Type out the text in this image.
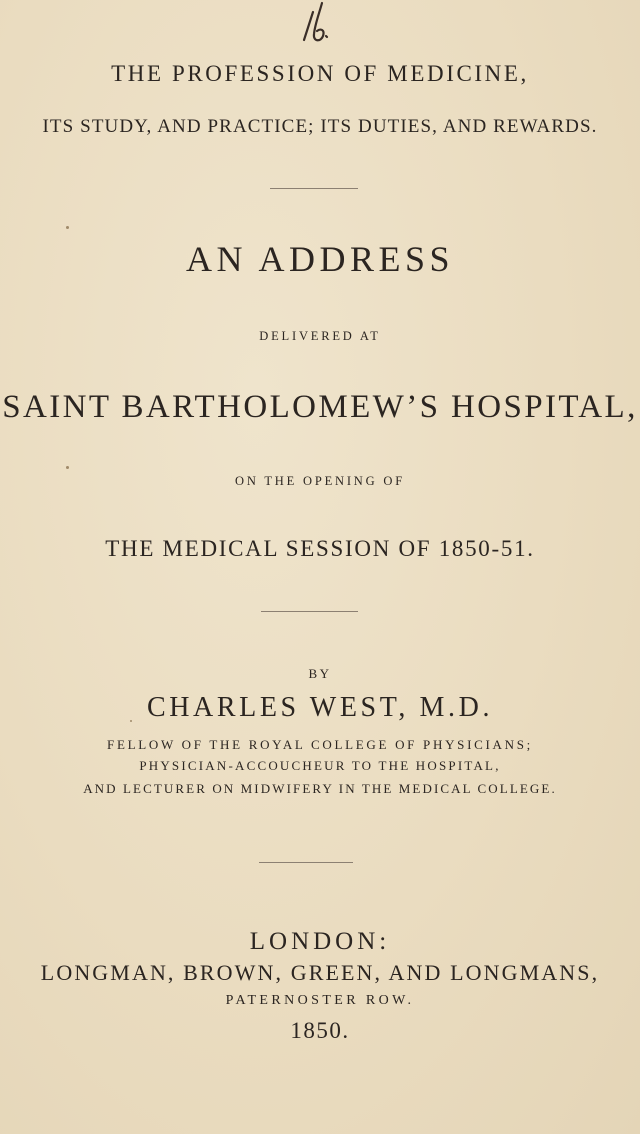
THE PROFESSION OF MEDICINE,
ITS STUDY, AND PRACTICE; ITS DUTIES, AND REWARDS.
AN ADDRESS
DELIVERED AT
SAINT BARTHOLOMEW’S HOSPITAL,
ON THE OPENING OF
THE MEDICAL SESSION OF 1850-51.
BY
CHARLES WEST, M.D.
FELLOW OF THE ROYAL COLLEGE OF PHYSICIANS;
PHYSICIAN-ACCOUCHEUR TO THE HOSPITAL,
AND LECTURER ON MIDWIFERY IN THE MEDICAL COLLEGE.
LONDON:
LONGMAN, BROWN, GREEN, AND LONGMANS,
PATERNOSTER ROW.
1850.
